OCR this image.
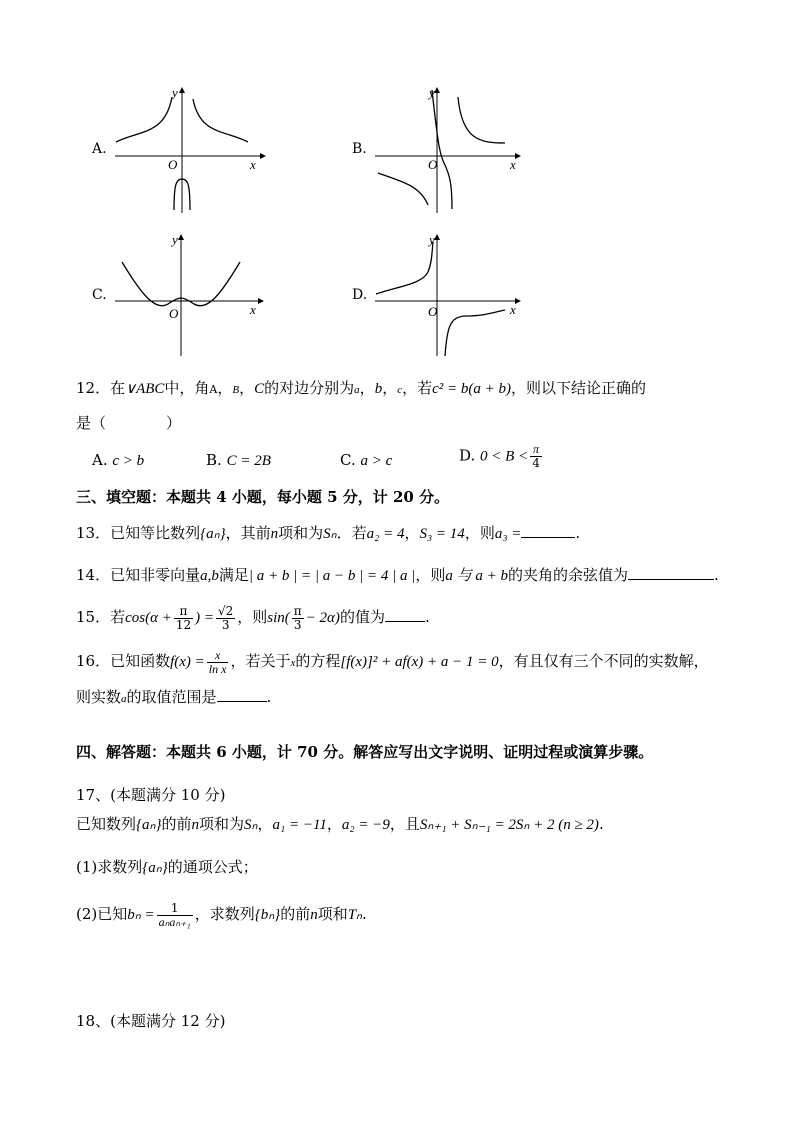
A.
x
y
O
B.
x
y
O
C.
x
y
O
D.
x
y
O
12．在∨ABC中，角A，B，C的对边分别为a，b，c，若c² = b(a + b)，则以下结论正确的
是（　　　　）
A. c > b	B. C = 2B	C. a > c	D. $0 < B < \frac{\pi}{4}$
三、填空题：本题共 4 小题，每小题 5 分，计 20 分。
13．已知等比数列{aₙ}，其前n项和为Sₙ．若a₂ = 4，S₃ = 14，则a₃ =	.
14．已知非零向量a,b满足| a + b | = | a − b | = 4 | a |，则a 与 a + b的夹角的余弦值为	.
15．若$\cos(\alpha + \frac{\pi}{12}$ ) = $\frac{√2}{3}$ ，则$\sin( \frac{\pi}{3} - 2\alpha)$的值为	.
16．已知函数$f(x) = \frac{x}{\text{ln x}}$ ，若关于x的方程[f(x)]² + af(x) + a − 1 = 0，有且仅有三个不同的实数解，
则实数a的取值范围是	.
四、解答题：本题共 6 小题，计 70 分。解答应写出文字说明、证明过程或演算步骤。
17、(本题满分 10 分)
已知数列{aₙ}的前n项和为Sₙ，a₁ = −11，a₂ = −9，且Sₙ₊₁ + Sₙ₋₁ = 2Sₙ + 2 (n ≥ 2).
(1)求数列{aₙ}的通项公式；
(2)已知$b_n = \frac{1}{\text{aₙaₙ₊₁}}$ ，求数列{bₙ}的前n项和Tₙ.
18、(本题满分 12 分)
